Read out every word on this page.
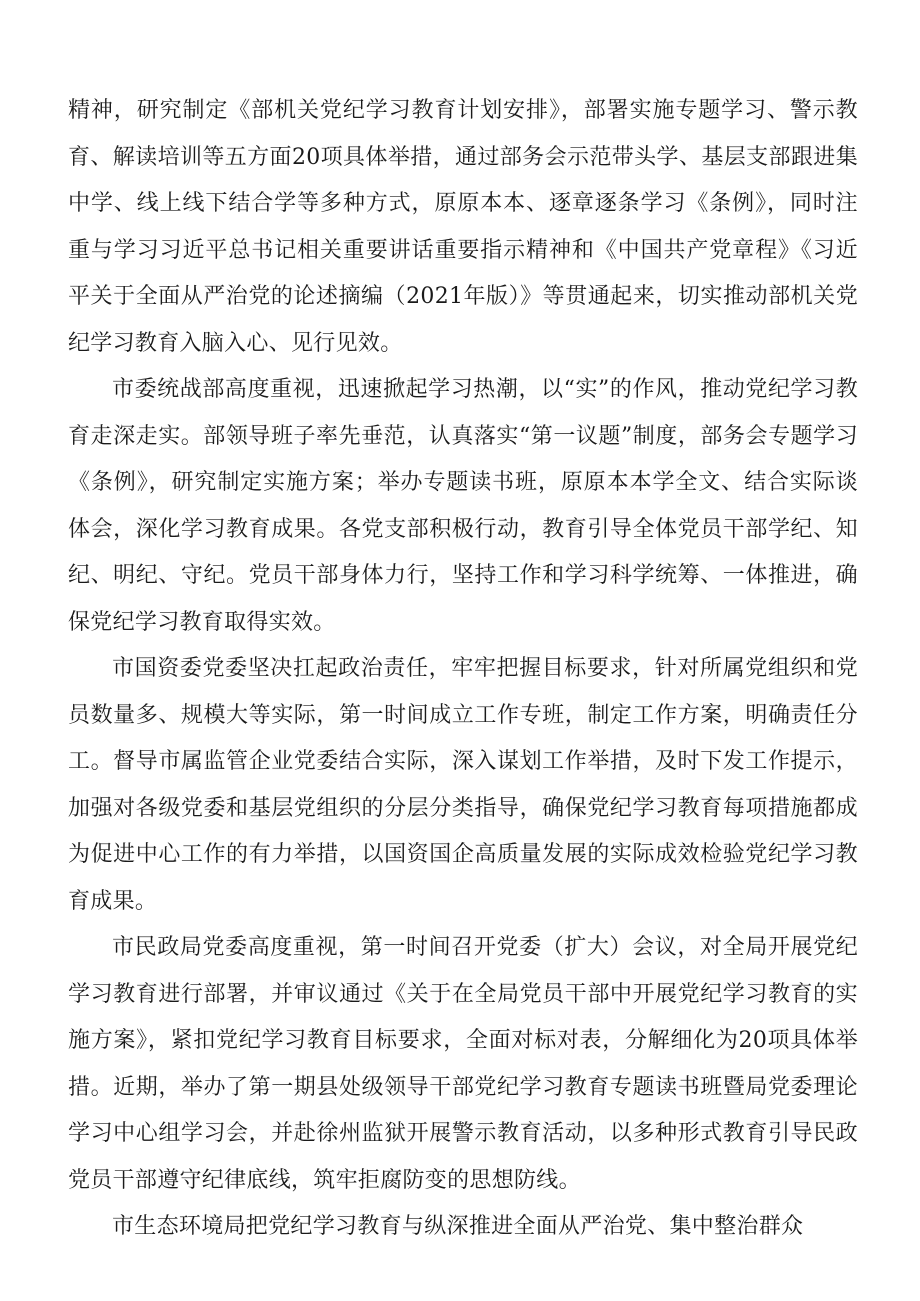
精神，研究制定《部机关党纪学习教育计划安排》，部署实施专题学习、警示教育、解读培训等五方面20项具体举措，通过部务会示范带头学、基层支部跟进集中学、线上线下结合学等多种方式，原原本本、逐章逐条学习《条例》，同时注重与学习习近平总书记相关重要讲话重要指示精神和《中国共产党章程》《习近平关于全面从严治党的论述摘编（2021年版）》等贯通起来，切实推动部机关党纪学习教育入脑入心、见行见效。

市委统战部高度重视，迅速掀起学习热潮，以“实”的作风，推动党纪学习教育走深走实。部领导班子率先垂范，认真落实“第一议题”制度，部务会专题学习《条例》，研究制定实施方案；举办专题读书班，原原本本学全文、结合实际谈体会，深化学习教育成果。各党支部积极行动，教育引导全体党员干部学纪、知纪、明纪、守纪。党员干部身体力行，坚持工作和学习科学统筹、一体推进，确保党纪学习教育取得实效。

市国资委党委坚决扛起政治责任，牢牢把握目标要求，针对所属党组织和党员数量多、规模大等实际，第一时间成立工作专班，制定工作方案，明确责任分工。督导市属监管企业党委结合实际，深入谋划工作举措，及时下发工作提示，加强对各级党委和基层党组织的分层分类指导，确保党纪学习教育每项措施都成为促进中心工作的有力举措，以国资国企高质量发展的实际成效检验党纪学习教育成果。

市民政局党委高度重视，第一时间召开党委（扩大）会议，对全局开展党纪学习教育进行部署，并审议通过《关于在全局党员干部中开展党纪学习教育的实施方案》，紧扣党纪学习教育目标要求，全面对标对表，分解细化为20项具体举措。近期，举办了第一期县处级领导干部党纪学习教育专题读书班暨局党委理论学习中心组学习会，并赴徐州监狱开展警示教育活动，以多种形式教育引导民政党员干部遵守纪律底线，筑牢拒腐防变的思想防线。

市生态环境局把党纪学习教育与纵深推进全面从严治党、集中整治群众
